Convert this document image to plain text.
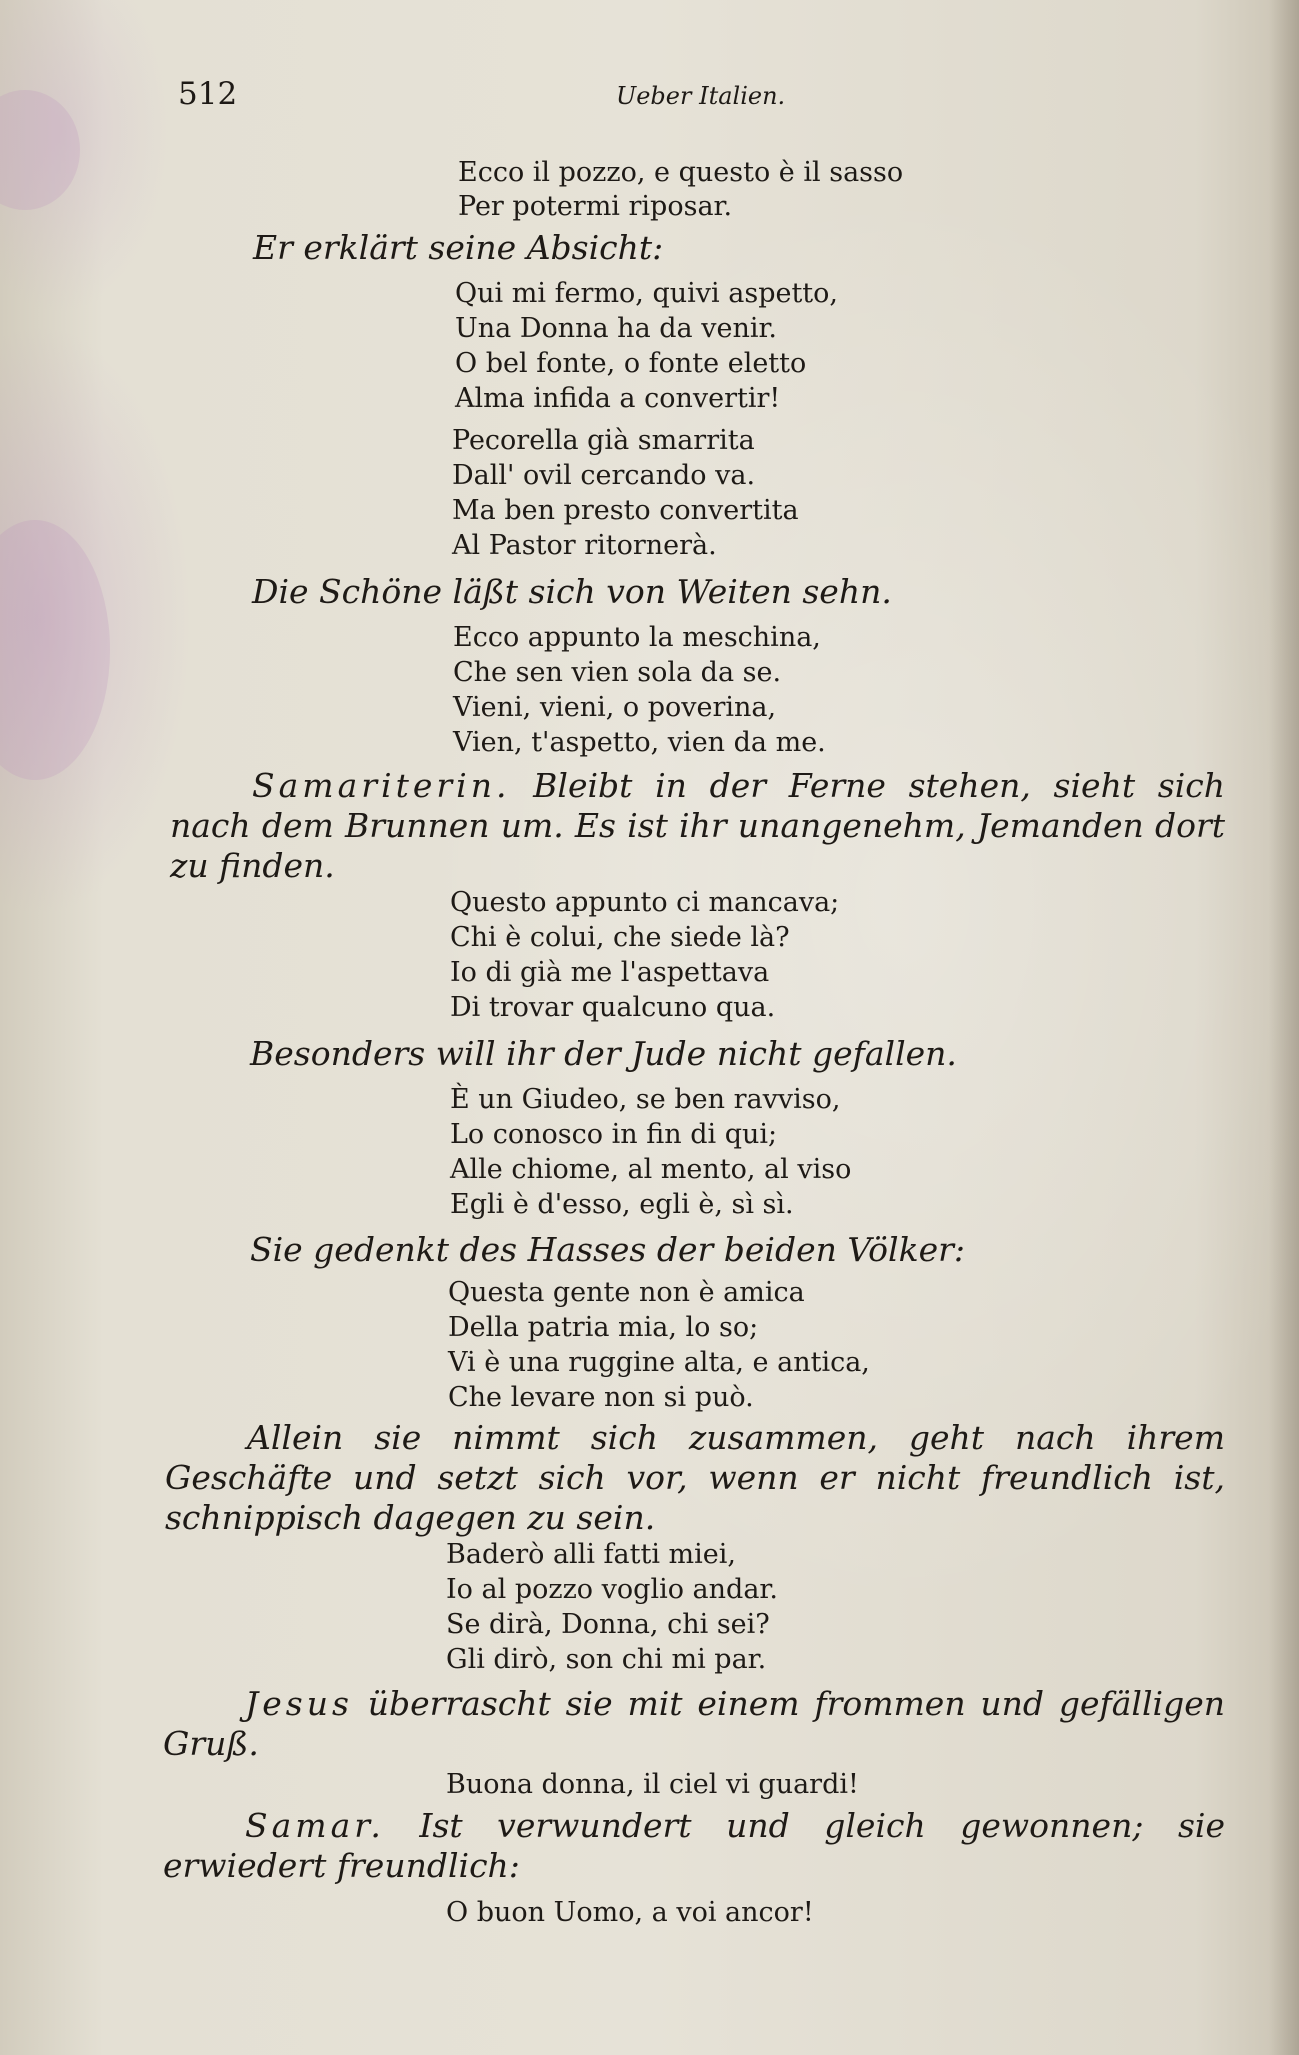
512	Ueber Italien.
Ecco il pozzo, e questo è il sasso
Per potermi riposar.
Er erklärt seine Absicht:
Qui mi fermo, quivi aspetto,
Una Donna ha da venir.
O bel fonte, o fonte eletto
Alma infida a convertir!
Pecorella già smarrita
Dall' ovil cercando va.
Ma ben presto convertita
Al Pastor ritornerà.
Die Schöne läßt sich von Weiten sehn.
Ecco appunto la meschina,
Che sen vien sola da se.
Vieni, vieni, o poverina,
Vien, t'aspetto, vien da me.
Samariterin. Bleibt in der Ferne stehen, sieht sich nach dem Brunnen um. Es ist ihr unangenehm, Jemanden dort zu finden.
Questo appunto ci mancava;
Chi è colui, che siede là?
Io di già me l'aspettava
Di trovar qualcuno qua.
Besonders will ihr der Jude nicht gefallen.
È un Giudeo, se ben ravviso,
Lo conosco in fin di qui;
Alle chiome, al mento, al viso
Egli è d'esso, egli è, sì sì.
Sie gedenkt des Hasses der beiden Völker:
Questa gente non è amica
Della patria mia, lo so;
Vi è una ruggine alta, e antica,
Che levare non si può.
Allein sie nimmt sich zusammen, geht nach ihrem Geschäfte und setzt sich vor, wenn er nicht freundlich ist, schnippisch dagegen zu sein.
Baderò alli fatti miei,
Io al pozzo voglio andar.
Se dirà, Donna, chi sei?
Gli dirò, son chi mi par.
Jesus überrascht sie mit einem frommen und gefälligen Gruß.
Buona donna, il ciel vi guardi!
Samar. Ist verwundert und gleich gewonnen; sie erwiedert freundlich:
O buon Uomo, a voi ancor!
